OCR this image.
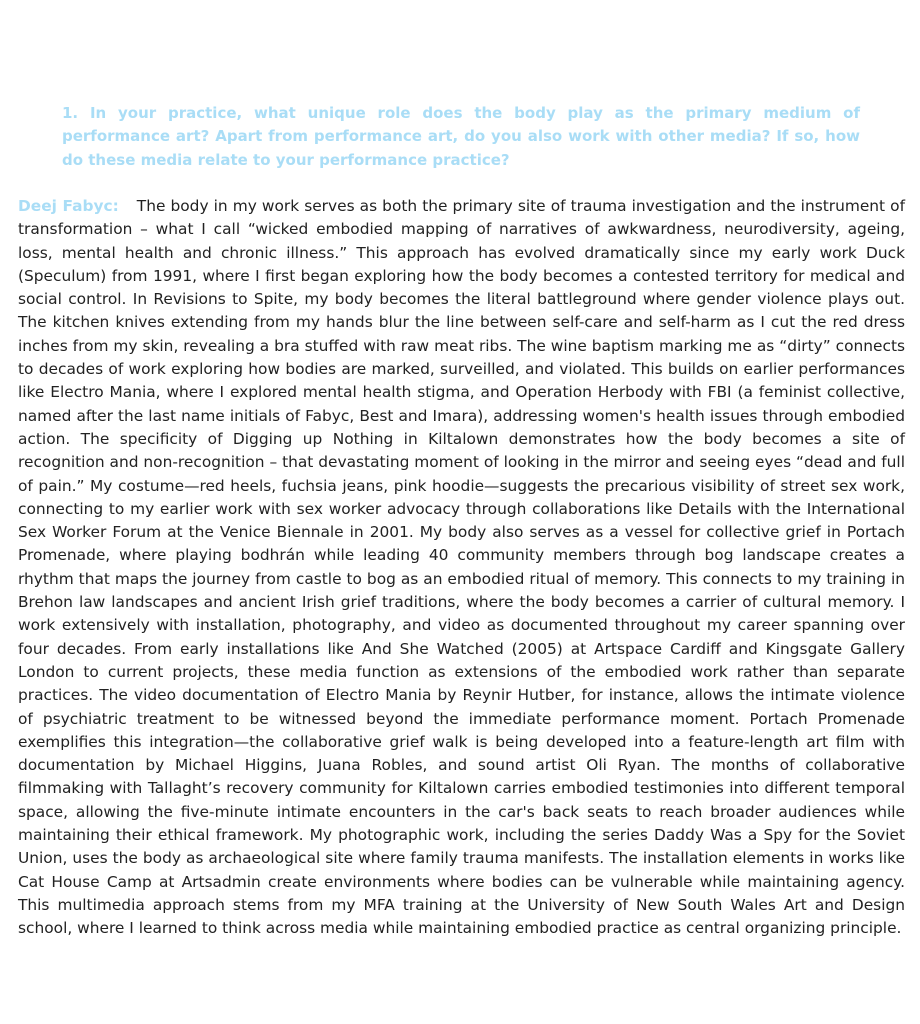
1. In your practice, what unique role does the body play as the primary medium of performance art? Apart from performance art, do you also work with other media? If so, how do these media relate to your performance practice?

Deej Fabyc: The body in my work serves as both the primary site of trauma investigation and the instrument of transformation – what I call “wicked embodied mapping of narratives of awkwardness, neurodiversity, ageing, loss, mental health and chronic illness.” This approach has evolved dramatically since my early work Duck (Speculum) from 1991, where I first began exploring how the body becomes a contested territory for medical and social control. In Revisions to Spite, my body becomes the literal battleground where gender violence plays out. The kitchen knives extending from my hands blur the line between self-care and self-harm as I cut the red dress inches from my skin, revealing a bra stuffed with raw meat ribs. The wine baptism marking me as “dirty” connects to decades of work exploring how bodies are marked, surveilled, and violated. This builds on earlier performances like Electro Mania, where I explored mental health stigma, and Operation Herbody with FBI (a feminist collective, named after the last name initials of Fabyc, Best and Imara), addressing women's health issues through embodied action. The specificity of Digging up Nothing in Kiltalown demonstrates how the body becomes a site of recognition and non-recognition – that devastating moment of looking in the mirror and seeing eyes “dead and full of pain.” My costume—red heels, fuchsia jeans, pink hoodie—suggests the precarious visibility of street sex work, connecting to my earlier work with sex worker advocacy through collaborations like Details with the International Sex Worker Forum at the Venice Biennale in 2001. My body also serves as a vessel for collective grief in Portach Promenade, where playing bodhrán while leading 40 community members through bog landscape creates a rhythm that maps the journey from castle to bog as an embodied ritual of memory. This connects to my training in Brehon law landscapes and ancient Irish grief traditions, where the body becomes a carrier of cultural memory. I work extensively with installation, photography, and video as documented throughout my career spanning over four decades. From early installations like And She Watched (2005) at Artspace Cardiff and Kingsgate Gallery London to current projects, these media function as extensions of the embodied work rather than separate practices. The video documentation of Electro Mania by Reynir Hutber, for instance, allows the intimate violence of psychiatric treatment to be witnessed beyond the immediate performance moment. Portach Promenade exemplifies this integration—the collaborative grief walk is being developed into a feature-length art film with documentation by Michael Higgins, Juana Robles, and sound artist Oli Ryan. The months of collaborative filmmaking with Tallaght’s recovery community for Kiltalown carries embodied testimonies into different temporal space, allowing the five-minute intimate encounters in the car's back seats to reach broader audiences while maintaining their ethical framework. My photographic work, including the series Daddy Was a Spy for the Soviet Union, uses the body as archaeological site where family trauma manifests. The installation elements in works like Cat House Camp at Artsadmin create environments where bodies can be vulnerable while maintaining agency. This multimedia approach stems from my MFA training at the University of New South Wales Art and Design school, where I learned to think across media while maintaining embodied practice as central organizing principle.
